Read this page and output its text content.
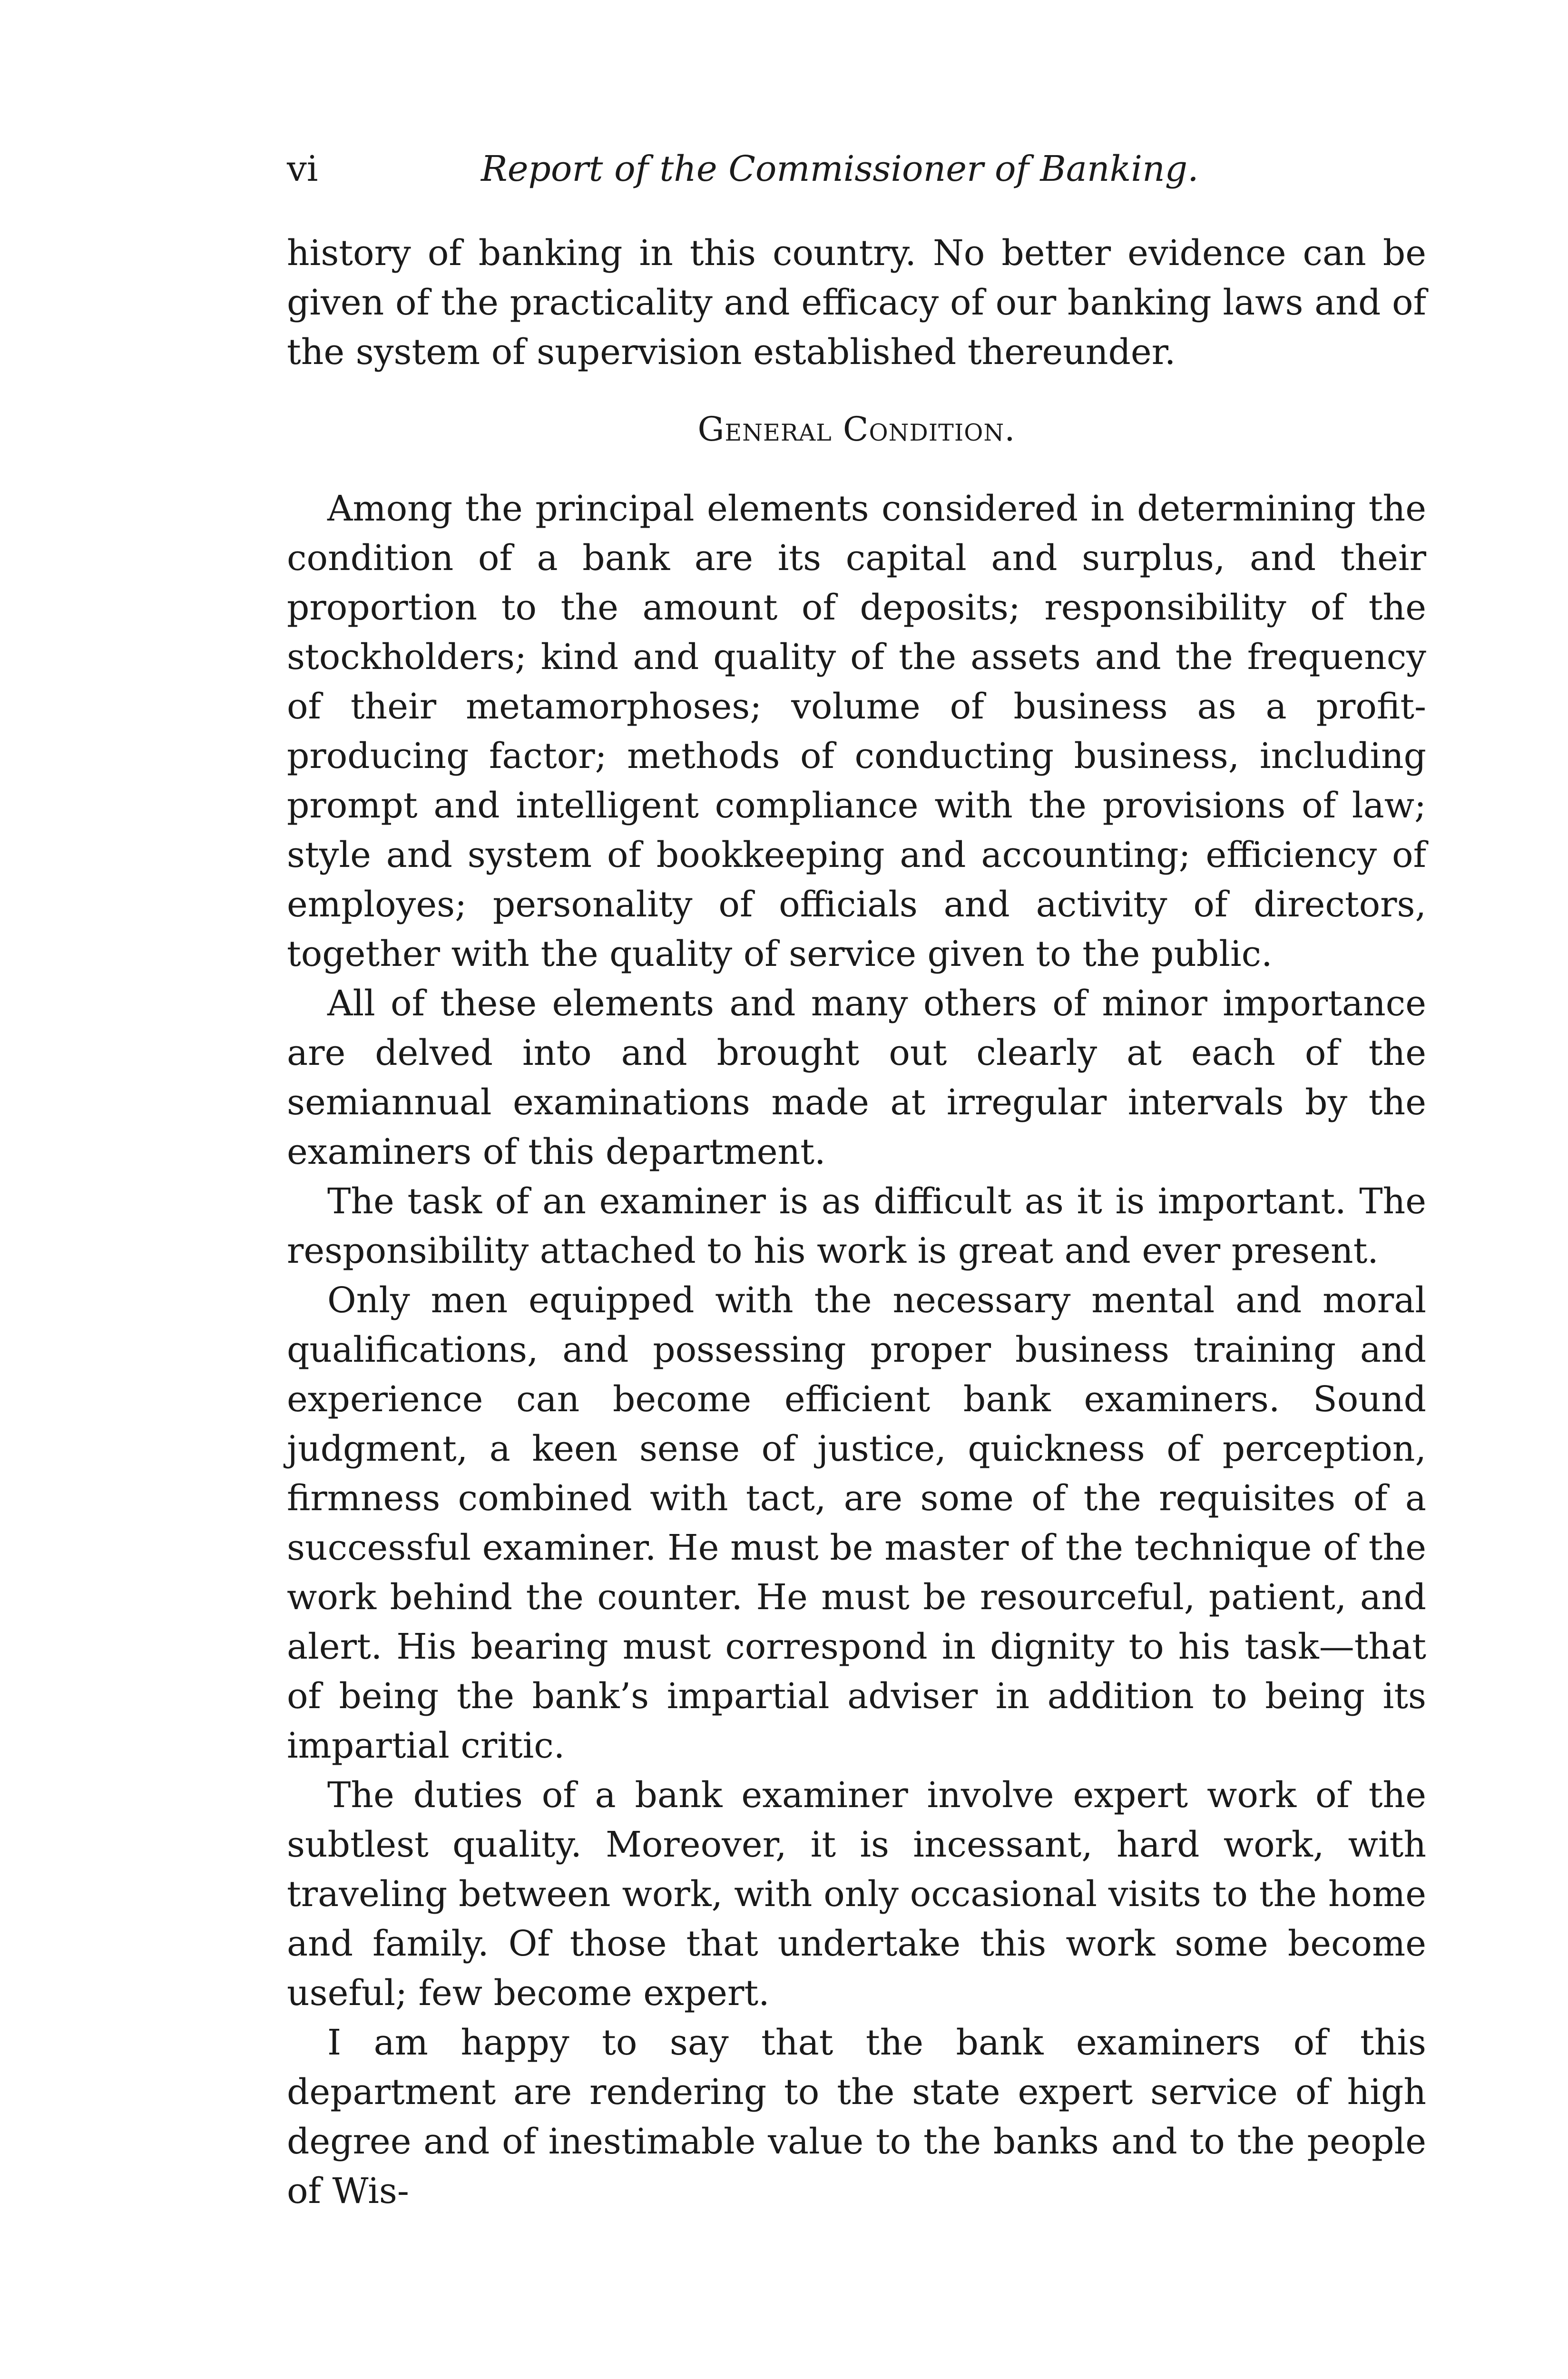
vi	Report of the Commissioner of Banking.

history of banking in this country. No better evidence can be given of the practicality and efficacy of our banking laws and of the system of supervision established thereunder.

General Condition.

Among the principal elements considered in determining the condition of a bank are its capital and surplus, and their proportion to the amount of deposits; responsibility of the stockholders; kind and quality of the assets and the frequency of their metamorphoses; volume of business as a profit-producing factor; methods of conducting business, including prompt and intelligent compliance with the provisions of law; style and system of bookkeeping and accounting; efficiency of employes; personality of officials and activity of directors, together with the quality of service given to the public.

All of these elements and many others of minor importance are delved into and brought out clearly at each of the semiannual examinations made at irregular intervals by the examiners of this department.

The task of an examiner is as difficult as it is important. The responsibility attached to his work is great and ever present.

Only men equipped with the necessary mental and moral qualifications, and possessing proper business training and experience can become efficient bank examiners. Sound judgment, a keen sense of justice, quickness of perception, firmness combined with tact, are some of the requisites of a successful examiner. He must be master of the technique of the work behind the counter. He must be resourceful, patient, and alert. His bearing must correspond in dignity to his task—that of being the bank’s impartial adviser in addition to being its impartial critic.

The duties of a bank examiner involve expert work of the subtlest quality. Moreover, it is incessant, hard work, with traveling between work, with only occasional visits to the home and family. Of those that undertake this work some become useful; few become expert.

I am happy to say that the bank examiners of this department are rendering to the state expert service of high degree and of inestimable value to the banks and to the people of Wis-
